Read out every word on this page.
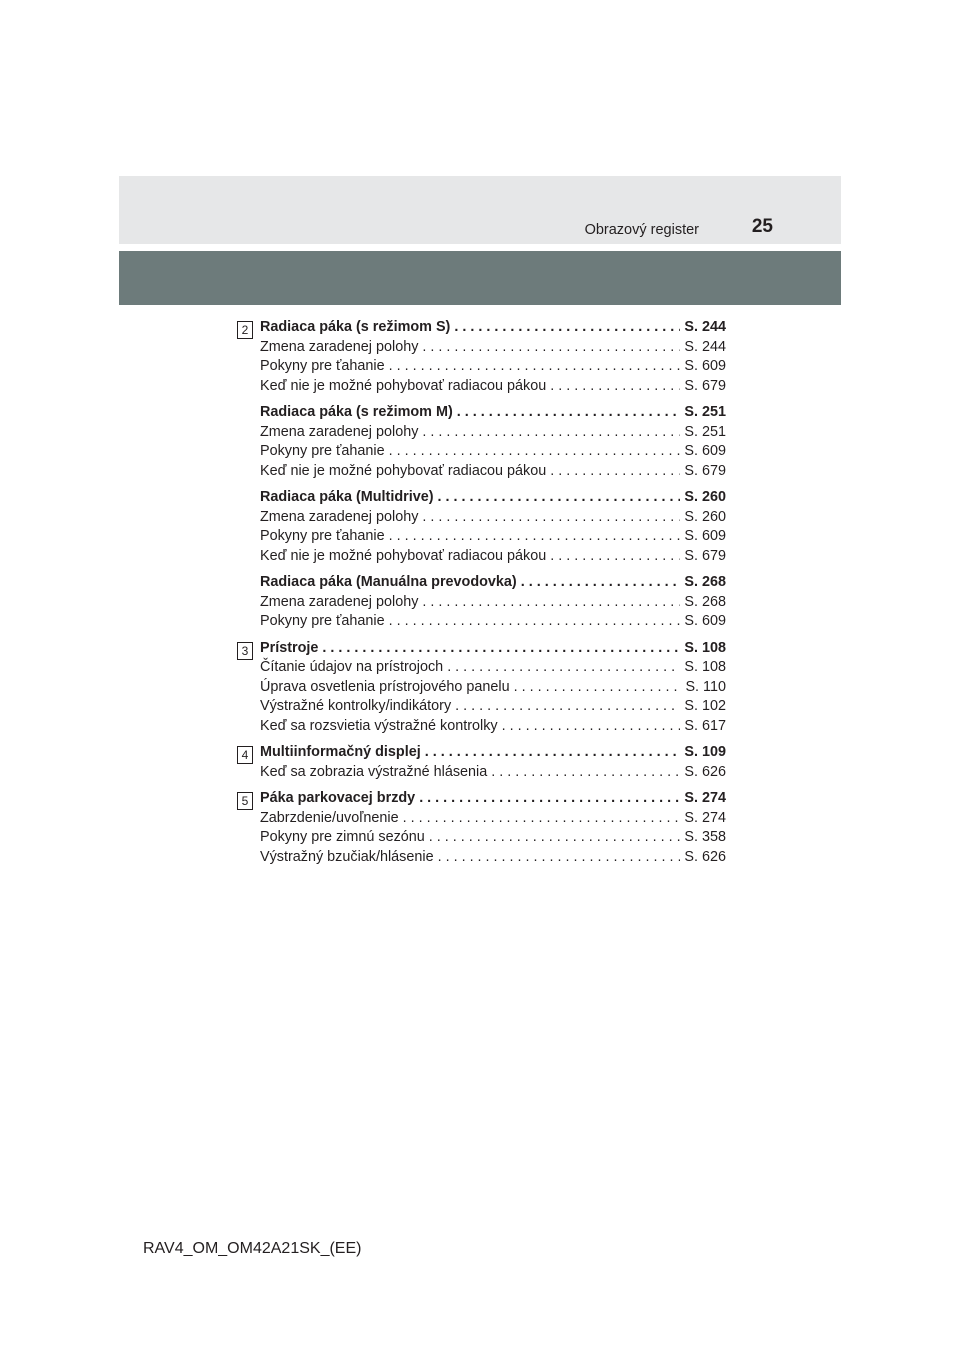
Obrazový register	25
2 Radiaca páka (s režimom S) . . .	S. 244
Zmena zaradenej polohy . . .	S. 244
Pokyny pre ťahanie . . .	S. 609
Keď nie je možné pohybovať radiacou pákou . . .	S. 679
Radiaca páka (s režimom M) . . .	S. 251
Zmena zaradenej polohy . . .	S. 251
Pokyny pre ťahanie . . .	S. 609
Keď nie je možné pohybovať radiacou pákou . . .	S. 679
Radiaca páka (Multidrive) . . .	S. 260
Zmena zaradenej polohy . . .	S. 260
Pokyny pre ťahanie . . .	S. 609
Keď nie je možné pohybovať radiacou pákou . . .	S. 679
Radiaca páka (Manuálna prevodovka) . . .	S. 268
Zmena zaradenej polohy . . .	S. 268
Pokyny pre ťahanie . . .	S. 609
3 Prístroje . . .	S. 108
Čítanie údajov na prístrojoch . . .	S. 108
Úprava osvetlenia prístrojového panelu . . .	S. 110
Výstražné kontrolky/indikátory . . .	S. 102
Keď sa rozsvietia výstražné kontrolky . . .	S. 617
4 Multiinformačný displej . . .	S. 109
Keď sa zobrazia výstražné hlásenia . . .	S. 626
5 Páka parkovacej brzdy . . .	S. 274
Zabrzdenie/uvoľnenie . . .	S. 274
Pokyny pre zimnú sezónu . . .	S. 358
Výstražný bzučiak/hlásenie . . .	S. 626
RAV4_OM_OM42A21SK_(EE)
